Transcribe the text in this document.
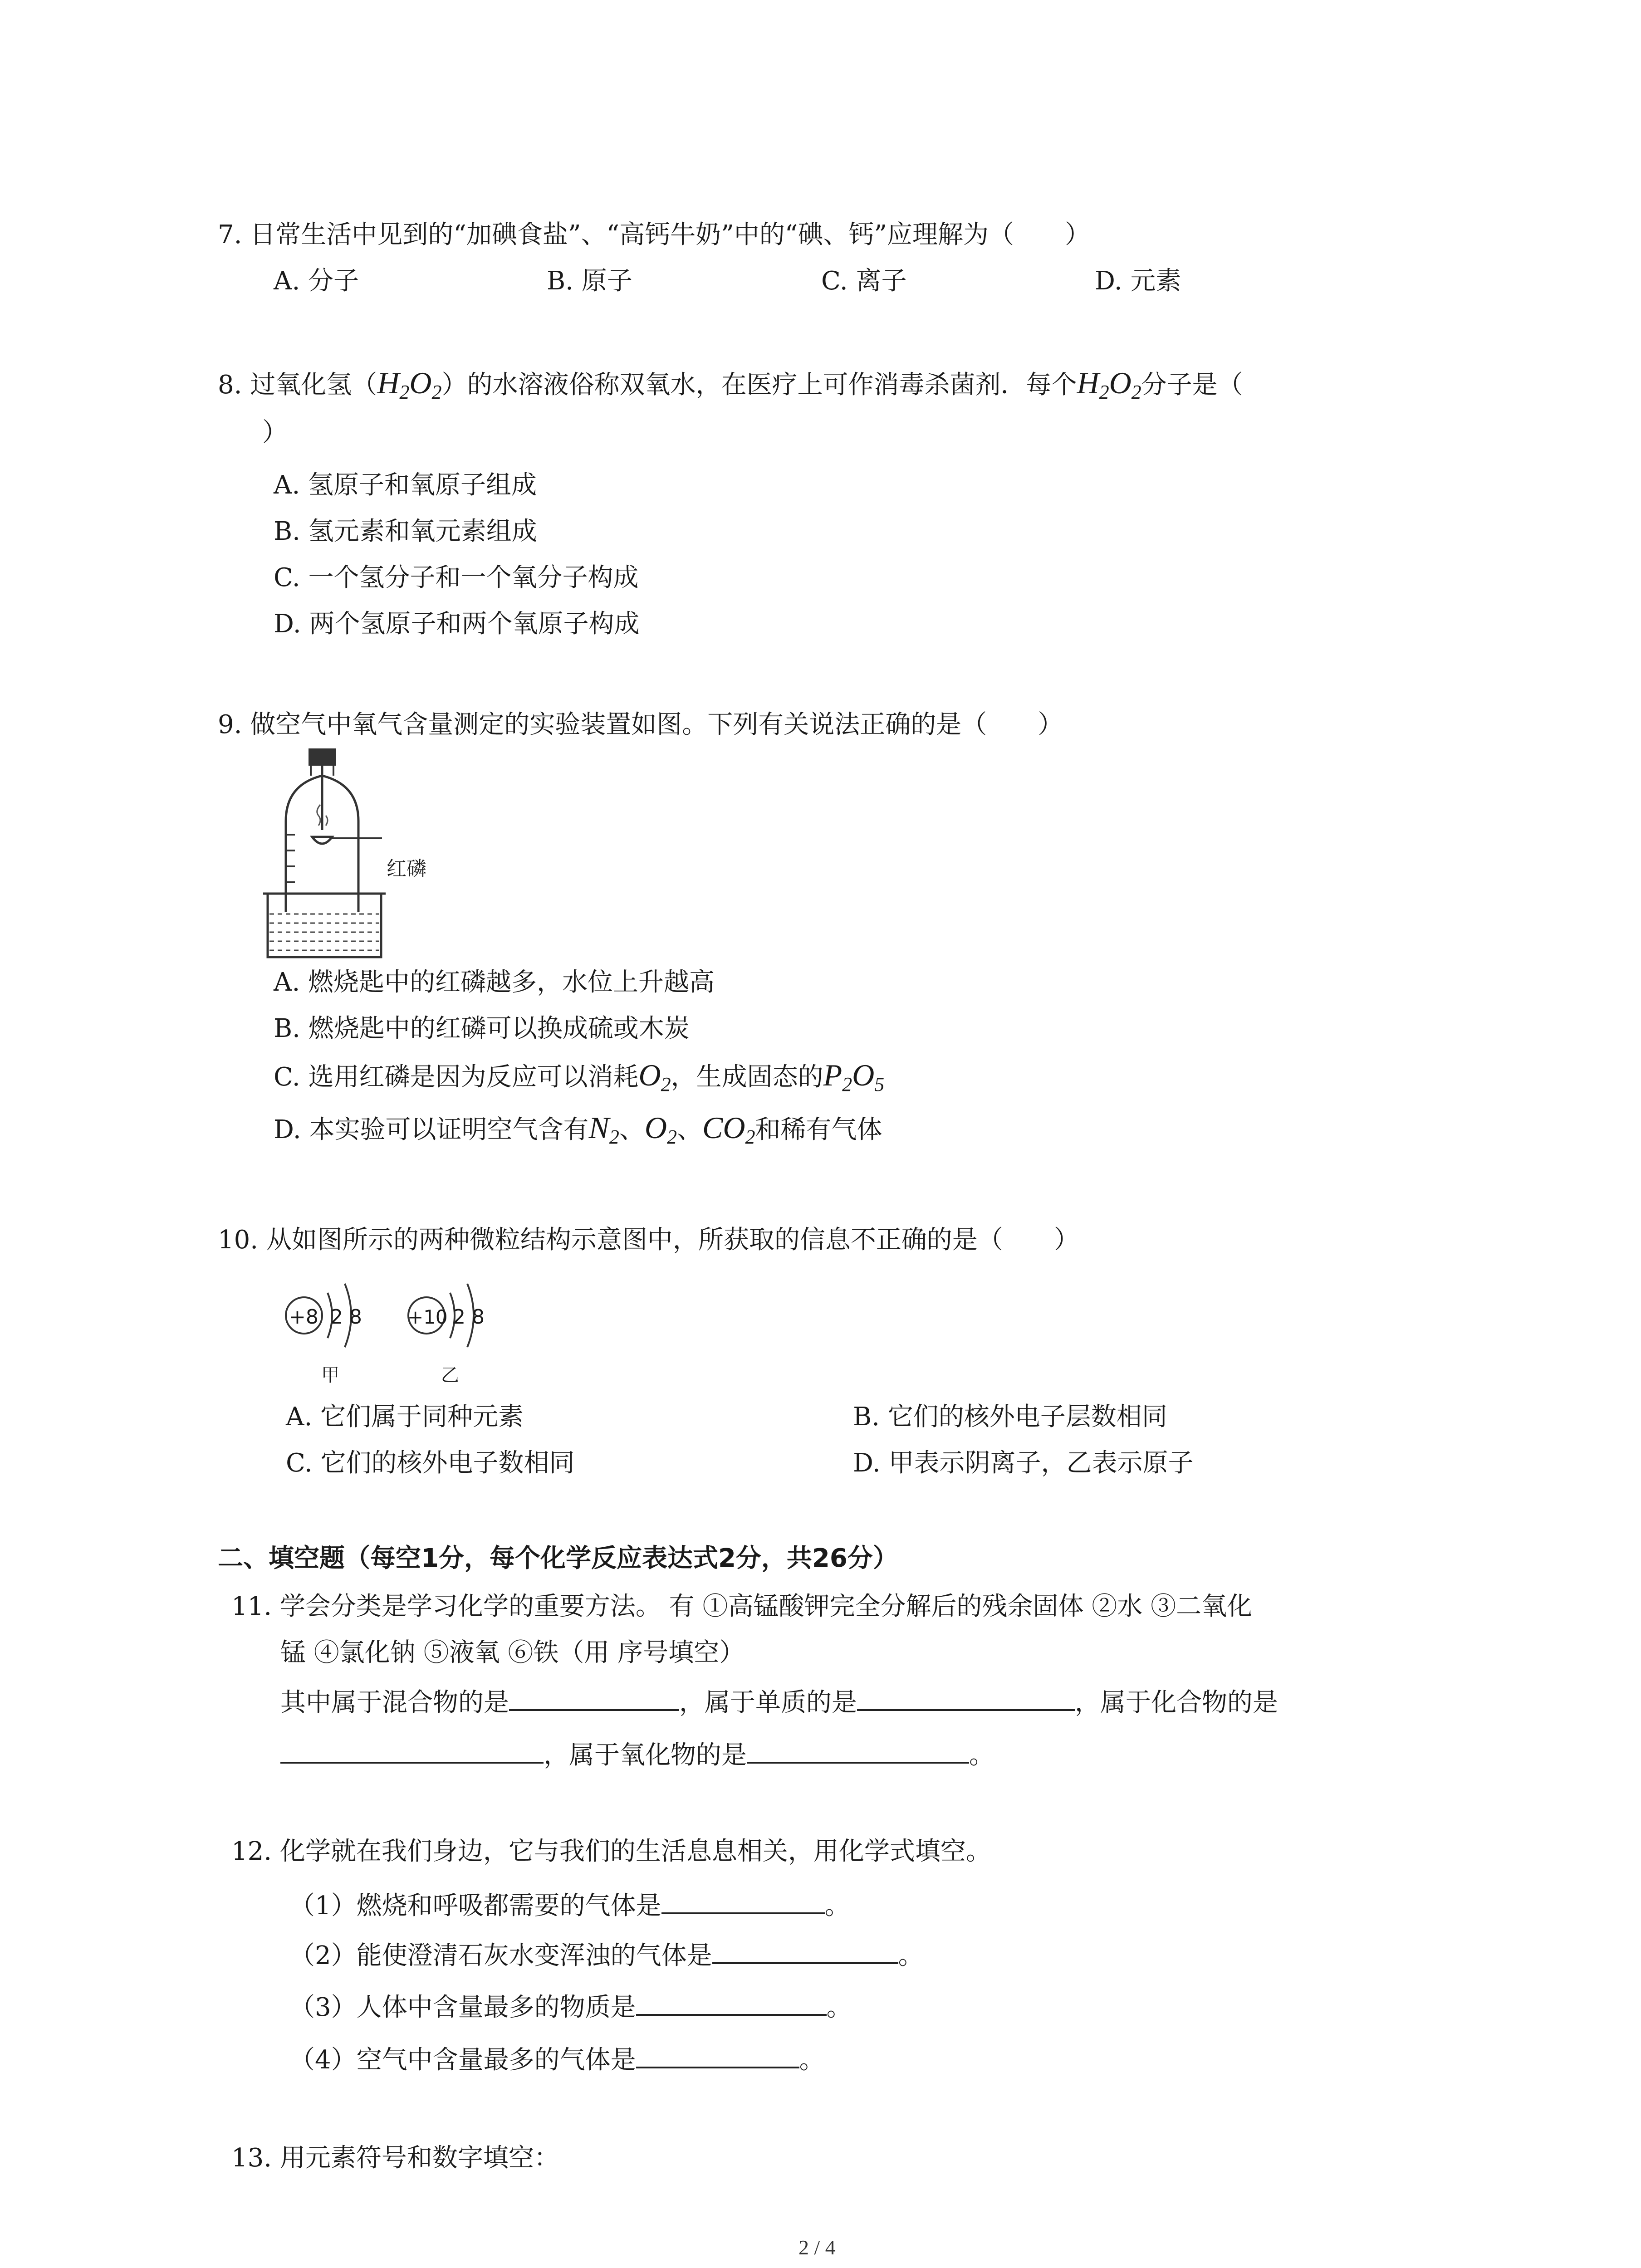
7. 日常生活中见到的“加碘食盐”、“高钙牛奶”中的“碘、钙”应理解为（　　）
A. 分子	B. 原子	C. 离子	D. 元素
8. 过氧化氢$(H_2O_2)$的水溶液俗称双氧水，在医疗上可作消毒杀菌剂．每个$H_2O_2$分子是（
）
A. 氢原子和氧原子组成
B. 氢元素和氧元素组成
C. 一个氢分子和一个氧分子构成
D. 两个氢原子和两个氧原子构成
9. 做空气中氧气含量测定的实验装置如图。下列有关说法正确的是（　　）
红磷
A. 燃烧匙中的红磷越多，水位上升越高
B. 燃烧匙中的红磷可以换成硫或木炭
C. 选用红磷是因为反应可以消耗$O_2$，生成固态的$P_2O_5$
D. 本实验可以证明空气含有$N_2$、$O_2$、$CO_2$和稀有气体
10. 从如图所示的两种微粒结构示意图中，所获取的信息不正确的是（　　）
+8 2 8 +10 2 8
甲	乙
A. 它们属于同种元素	B. 它们的核外电子层数相同
C. 它们的核外电子数相同	D. 甲表示阴离子，乙表示原子
二、填空题（每空1分，每个化学反应表达式2分，共26分）
11. 学会分类是学习化学的重要方法。 有 ①高锰酸钾完全分解后的残余固体 ②水 ③二氧化
锰 ④氯化钠 ⑤液氧 ⑥铁（用 序号填空）
其中属于混合物的是	，属于单质的是	，属于化合物的是
，属于氧化物的是	。
12. 化学就在我们身边，它与我们的生活息息相关，用化学式填空。
（1）燃烧和呼吸都需要的气体是	。
（2）能使澄清石灰水变浑浊的气体是	。
（3）人体中含量最多的物质是	。
（4）空气中含量最多的气体是	。
13. 用元素符号和数字填空：
2 / 4
